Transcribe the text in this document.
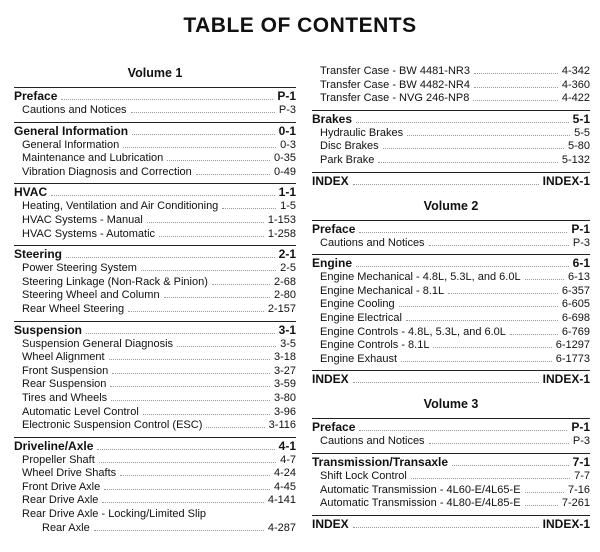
TABLE OF CONTENTS
Volume 1
Preface	P-1
Cautions and Notices	P-3
General Information	0-1
General Information	0-3
Maintenance and Lubrication	0-35
Vibration Diagnosis and Correction	0-49
HVAC	1-1
Heating, Ventilation and Air Conditioning	1-5
HVAC Systems - Manual	1-153
HVAC Systems - Automatic	1-258
Steering	2-1
Power Steering System	2-5
Steering Linkage (Non-Rack & Pinion)	2-68
Steering Wheel and Column	2-80
Rear Wheel Steering	2-157
Suspension	3-1
Suspension General Diagnosis	3-5
Wheel Alignment	3-18
Front Suspension	3-27
Rear Suspension	3-59
Tires and Wheels	3-80
Automatic Level Control	3-96
Electronic Suspension Control (ESC)	3-116
Driveline/Axle	4-1
Propeller Shaft	4-7
Wheel Drive Shafts	4-24
Front Drive Axle	4-45
Rear Drive Axle	4-141
Rear Drive Axle - Locking/Limited Slip
Rear Axle	4-287
Transfer Case - BW 4481-NR3	4-342
Transfer Case - BW 4482-NR4	4-360
Transfer Case - NVG 246-NP8	4-422
Brakes	5-1
Hydraulic Brakes	5-5
Disc Brakes	5-80
Park Brake	5-132
INDEX	INDEX-1
Volume 2
Preface	P-1
Cautions and Notices	P-3
Engine	6-1
Engine Mechanical - 4.8L, 5.3L, and 6.0L	6-13
Engine Mechanical - 8.1L	6-357
Engine Cooling	6-605
Engine Electrical	6-698
Engine Controls - 4.8L, 5.3L, and 6.0L	6-769
Engine Controls - 8.1L	6-1297
Engine Exhaust	6-1773
INDEX	INDEX-1
Volume 3
Preface	P-1
Cautions and Notices	P-3
Transmission/Transaxle	7-1
Shift Lock Control	7-7
Automatic Transmission - 4L60-E/4L65-E	7-16
Automatic Transmission - 4L80-E/4L85-E	7-261
INDEX	INDEX-1
